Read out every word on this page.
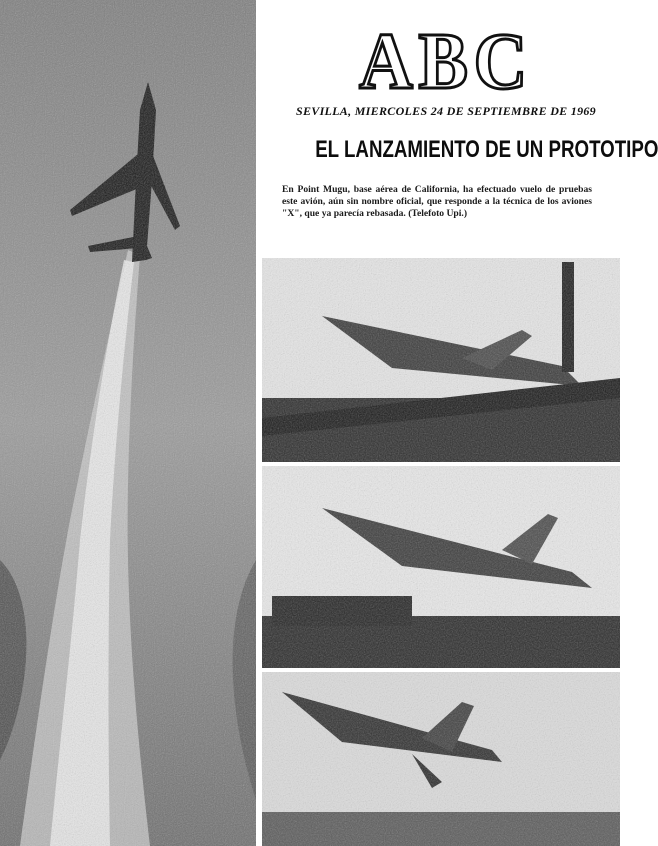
ABC
SEVILLA, MIERCOLES 24 DE SEPTIEMBRE DE 1969
EL LANZAMIENTO DE UN PROTOTIPO
En Point Mugu, base aérea de California, ha efectuado vuelo de pruebas este avión, aún sin nombre oficial, que responde a la técnica de los aviones "X", que ya parecía rebasada. (Telefoto Upi.)
